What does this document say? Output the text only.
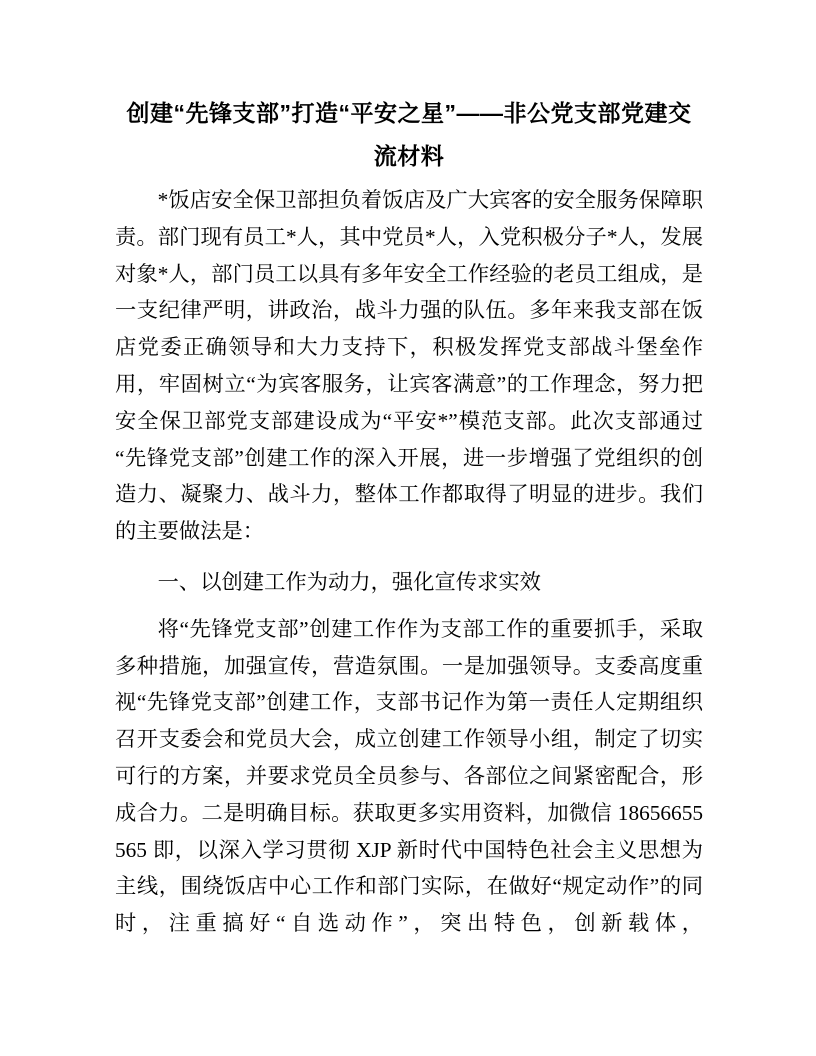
创建“先锋支部”打造“平安之星”——非公党支部党建交流材料

*饭店安全保卫部担负着饭店及广大宾客的安全服务保障职责。部门现有员工*人，其中党员*人，入党积极分子*人，发展对象*人，部门员工以具有多年安全工作经验的老员工组成，是一支纪律严明，讲政治，战斗力强的队伍。多年来我支部在饭店党委正确领导和大力支持下，积极发挥党支部战斗堡垒作用，牢固树立“为宾客服务，让宾客满意”的工作理念，努力把安全保卫部党支部建设成为“平安*”模范支部。此次支部通过“先锋党支部”创建工作的深入开展，进一步增强了党组织的创造力、凝聚力、战斗力，整体工作都取得了明显的进步。我们的主要做法是：

一、以创建工作为动力，强化宣传求实效

将“先锋党支部”创建工作作为支部工作的重要抓手，采取多种措施，加强宣传，营造氛围。一是加强领导。支委高度重视“先锋党支部”创建工作，支部书记作为第一责任人定期组织召开支委会和党员大会，成立创建工作领导小组，制定了切实可行的方案，并要求党员全员参与、各部位之间紧密配合，形成合力。二是明确目标。获取更多实用资料，加微信 18656655565 即，以深入学习贯彻 XJP 新时代中国特色社会主义思想为主线，围绕饭店中心工作和部门实际，在做好“规定动作”的同时，注重搞好“自选动作”，突出特色，创新载体，
